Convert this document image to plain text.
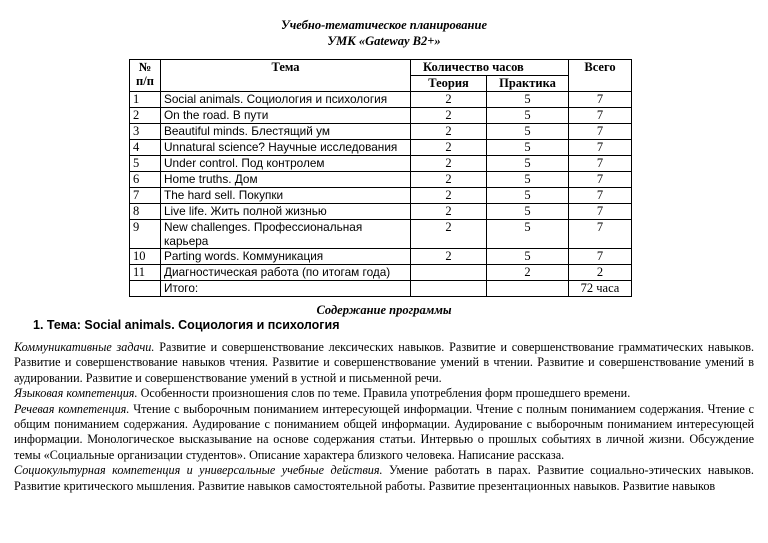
Учебно-тематическое планирование
УМК «Gateway B2+»
№ п/п	Тема	Количество часов		Всего
		Теория	Практика	
1	Social animals. Социология и психология	2	5	7
2	On the road. В пути	2	5	7
3	Beautiful minds. Блестящий ум	2	5	7
4	Unnatural science? Научные исследования	2	5	7
5	Under control. Под контролем	2	5	7
6	Home truths. Дом	2	5	7
7	The hard sell. Покупки	2	5	7
8	Live life. Жить полной жизнью	2	5	7
9	New challenges. Профессиональная карьера	2	5	7
10	Parting words. Коммуникация	2	5	7
11	Диагностическая работа (по итогам года)		2	2
	Итого:			72 часа
Содержание программы
1. Тема: Social animals. Социология и психология

Коммуникативные задачи. Развитие и совершенствование лексических навыков. Развитие и совершенствование грамматических навыков. Развитие и совершенствование навыков чтения. Развитие и совершенствование умений в чтении. Развитие и совершенствование умений в аудировании. Развитие и совершенствование умений в устной и письменной речи.

Языковая компетенция. Особенности произношения слов по теме. Правила употребления форм прошедшего времени.

Речевая компетенция. Чтение с выборочным пониманием интересующей информации. Чтение с полным пониманием содержания. Чтение с общим пониманием содержания. Аудирование с пониманием общей информации. Аудирование с выборочным пониманием интересующей информации. Монологическое высказывание на основе содержания статьи. Интервью о прошлых событиях в личной жизни. Обсуждение темы «Социальные организации студентов». Описание характера близкого человека. Написание рассказа.

Социокультурная компетенция и универсальные учебные действия. Умение работать в парах. Развитие социально-этических навыков. Развитие критического мышления. Развитие навыков самостоятельной работы. Развитие презентационных навыков. Развитие навыков
